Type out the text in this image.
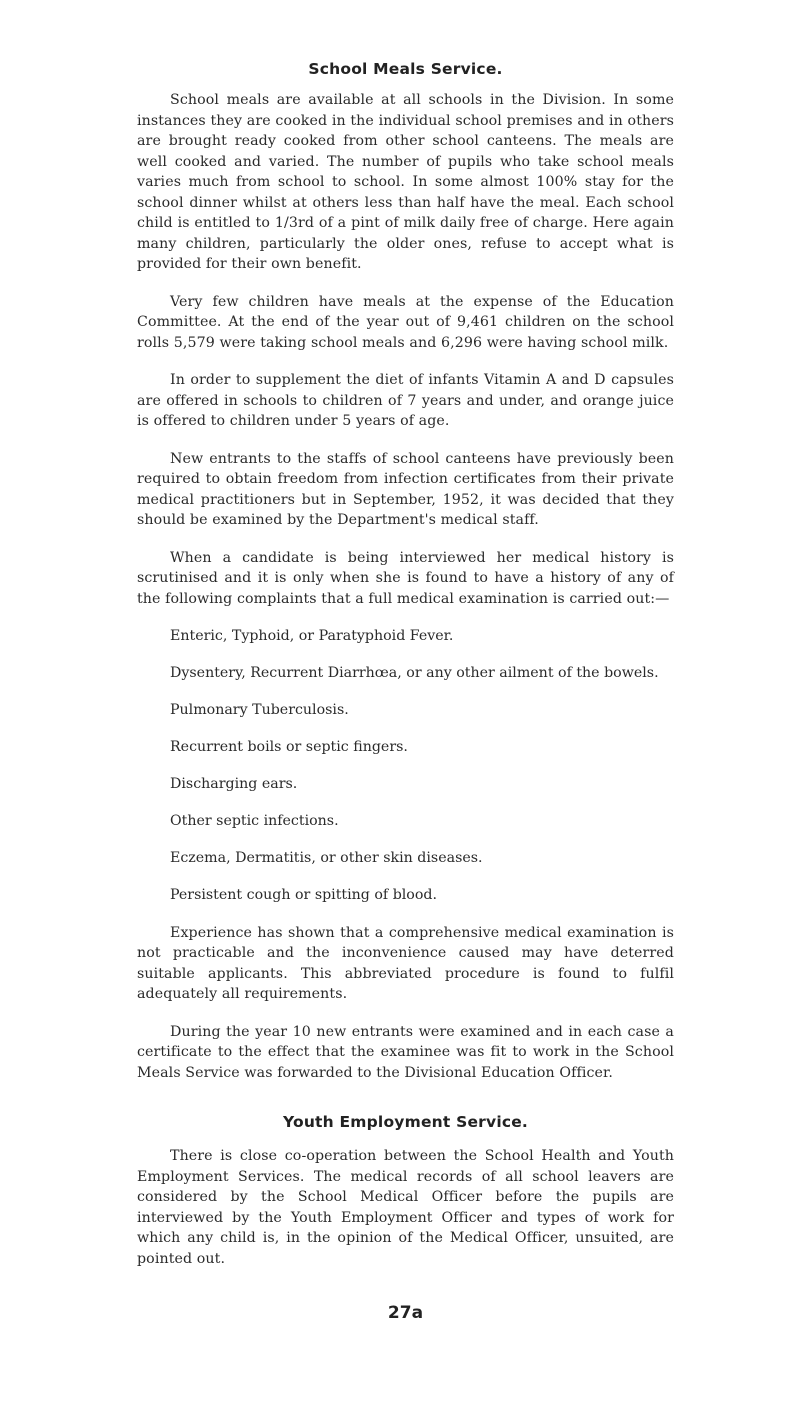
School Meals Service.

School meals are available at all schools in the Division. In some instances they are cooked in the individual school premises and in others are brought ready cooked from other school canteens. The meals are well cooked and varied. The number of pupils who take school meals varies much from school to school. In some almost 100% stay for the school dinner whilst at others less than half have the meal. Each school child is entitled to 1/3rd of a pint of milk daily free of charge. Here again many children, particularly the older ones, refuse to accept what is provided for their own benefit.

Very few children have meals at the expense of the Education Committee. At the end of the year out of 9,461 children on the school rolls 5,579 were taking school meals and 6,296 were having school milk.

In order to supplement the diet of infants Vitamin A and D capsules are offered in schools to children of 7 years and under, and orange juice is offered to children under 5 years of age.

New entrants to the staffs of school canteens have previously been required to obtain freedom from infection certificates from their private medical practitioners but in September, 1952, it was decided that they should be examined by the Department's medical staff.

When a candidate is being interviewed her medical history is scrutinised and it is only when she is found to have a history of any of the following complaints that a full medical examination is carried out:—

Enteric, Typhoid, or Paratyphoid Fever.
Dysentery, Recurrent Diarrhœa, or any other ailment of the bowels.
Pulmonary Tuberculosis.
Recurrent boils or septic fingers.
Discharging ears.
Other septic infections.
Eczema, Dermatitis, or other skin diseases.
Persistent cough or spitting of blood.

Experience has shown that a comprehensive medical examination is not practicable and the inconvenience caused may have deterred suitable applicants. This abbreviated procedure is found to fulfil adequately all requirements.

During the year 10 new entrants were examined and in each case a certificate to the effect that the examinee was fit to work in the School Meals Service was forwarded to the Divisional Education Officer.

Youth Employment Service.

There is close co-operation between the School Health and Youth Employment Services. The medical records of all school leavers are considered by the School Medical Officer before the pupils are interviewed by the Youth Employment Officer and types of work for which any child is, in the opinion of the Medical Officer, unsuited, are pointed out.

27a
